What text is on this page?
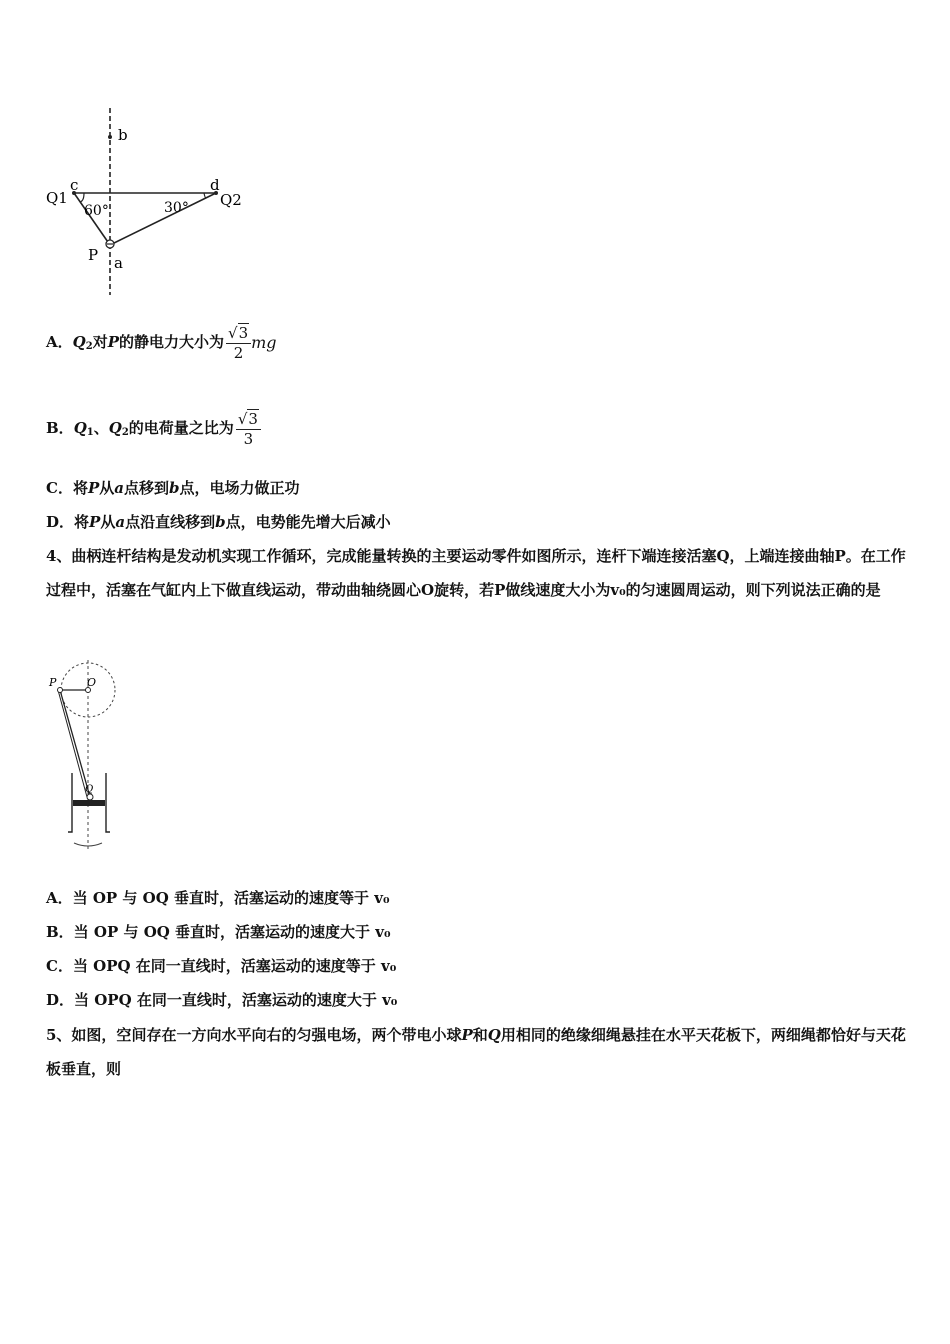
b
c	d
Q1	Q2
60°	30°
P a
A．$Q_2$对P的静电力大小为 $\frac{√3}{2}$ mg
B．$Q_1$、$Q_2$的电荷量之比为 $\frac{√3}{3}$
C．将P从a点移到b点，电场力做正功
D．将P从a点沿直线移到b点，电势能先增大后减小
4、曲柄连杆结构是发动机实现工作循环，完成能量转换的主要运动零件如图所示，连杆下端连接活塞Q，上端连接曲轴P。在工作过程中，活塞在气缸内上下做直线运动，带动曲轴绕圆心O旋转，若P做线速度大小为v₀的匀速圆周运动，则下列说法正确的是
P	O
Q
A．当 OP 与 OQ 垂直时，活塞运动的速度等于 v₀
B．当 OP 与 OQ 垂直时，活塞运动的速度大于 v₀
C．当 OPQ 在同一直线时，活塞运动的速度等于 v₀
D．当 OPQ 在同一直线时，活塞运动的速度大于 v₀
5、如图，空间存在一方向水平向右的匀强电场，两个带电小球P和Q用相同的绝缘细绳悬挂在水平天花板下，两细绳都恰好与天花板垂直，则
